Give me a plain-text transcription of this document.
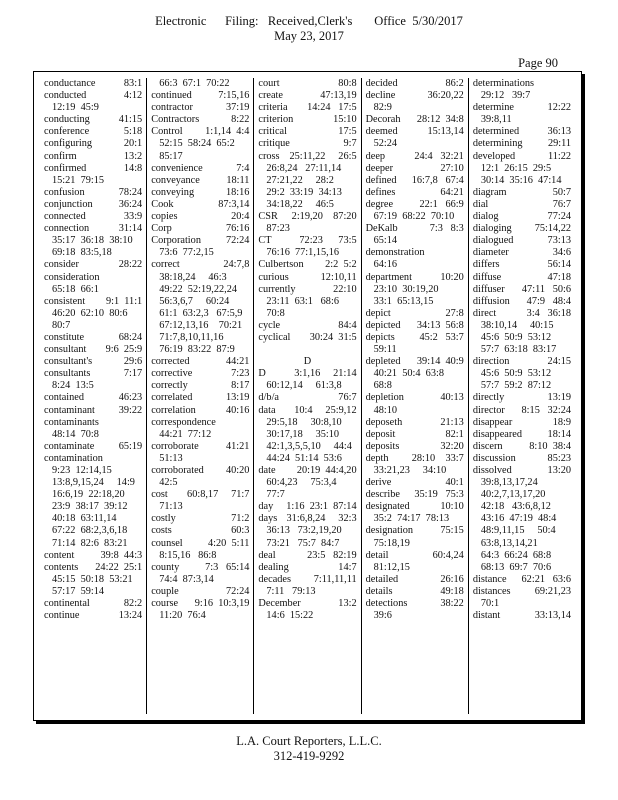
Electronic      Filing:   Received,Clerk's       Office  5/30/2017
May 23, 2017
Page 90
conductance	83:1
conducted	4:12
12:19  45:9
conducting	41:15
conference	5:18
configuring	20:1
confirm	13:2
confirmed	14:8
15:21  79:15
confusion	78:24
conjunction	36:24
connected	33:9
connection	31:14
35:17  36:18  38:10
69:18  83:5,18
consider	28:22
consideration
65:18  66:1
consistent 9:1  11:1
46:20  62:10  80:6
80:7
constitute	68:24
consultant 9:6  25:9
consultant's	29:6
consultants	7:17
8:24  13:5
contained	46:23
contaminant 39:22
contaminants
48:14  70:8
contaminate 65:19
contamination
9:23  12:14,15
13:8,9,15,24     14:9
16:6,19  22:18,20
23:9  38:17  39:12
40:18  63:11,14
67:22  68:2,3,6,18
71:14  82:6  83:21
content	39:8  44:3
contents 24:22  25:1
45:15  50:18  53:21
57:17  59:14
continental	82:2
continue	13:24
66:3  67:1  70:22
continued	7:15,16
contractor	37:19
Contractors	8:22
Control 1:1,14  4:4
52:15  58:24  65:2
85:17
convenience	7:4
conveyance	18:11
conveying	18:16
Cook	87:3,14
copies	20:4
Corp	76:16
Corporation 72:24
73:6  77:2,15
correct	24:7,8
38:18,24     46:3
49:22  52:19,22,24
56:3,6,7     60:24
61:1  63:2,3   67:5,9
67:12,13,16    70:21
71:7,8,10,11,16
76:19  83:22  87:9
corrected	44:21
corrective	7:23
correctly	8:17
correlated	13:19
correlation	40:16
correspondence
44:21  77:12
corroborate	41:21
51:13
corroborated 40:20
42:5
cost 60:8,17     71:7
71:13
costly	71:2
costs	60:3
counsel 4:20  5:11
8:15,16   86:8
county	7:3   65:14
74:4  87:3,14
couple	72:24
course 9:16  10:3,19
11:20  76:4
court	80:8
create	47:13,19
criteria 14:24   17:5
criterion	15:10
critical	17:5
critique	9:7
cross 25:11,22     26:5
26:8,24   27:11,14
27:21,22     28:2
29:2  33:19  34:13
34:18,22     46:5
CSR 2:19,20    87:20
87:23
CT	72:23      73:5
76:16  77:1,15,16
Culbertson 2:2  5:2
curious	12:10,11
currently	22:10
23:11  63:1   68:6
70:8
cycle	84:4
cyclical 30:24  31:5

D
D	3:1,16     21:14
60:12,14     61:3,8
d/b/a	76:7
data 10:4     25:9,12
29:5,18     30:8,10
30:17,18     35:10
42:1,3,5,5,10     44:4
44:24  51:14  53:6
date 20:19  44:4,20
60:4,23     75:3,4
77:7
day 1:16  23:1  87:14
days 31:6,8,24     32:3
36:13   73:2,19,20
73:21   75:7  84:7
deal	23:5   82:19
dealing	14:7
decades 7:11,11,11
7:11   79:13
December	13:2
14:6  15:22
decided	86:2
decline	36:20,22
82:9
Decorah 28:12  34:8
deemed	15:13,14
52:24
deep	24:4   32:21
deeper	27:10
defined 16:7,8   67:4
defines	64:21
degree	22:1   66:9
67:19  68:22  70:10
DeKalb	7:3   8:3
65:14
demonstration
64:16
department	10:20
23:10  30:19,20
33:1  65:13,15
depict	27:8
depicted 34:13  56:8
depicts 45:2   53:7
59:11
depleted 39:14  40:9
40:21  50:4  63:8
68:8
depletion	40:13
48:10
deposeth	21:13
deposit	82:1
deposits	32:20
depth 28:10    33:7
33:21,23     34:10
derive	40:1
describe 35:19   75:3
designated	10:10
35:2  74:17  78:13
designation	75:15
75:18,19
detail	60:4,24
81:12,15
detailed	26:16
details	49:18
detections	38:22
39:6
determinations
29:12   39:7
determine	12:22
39:8,11
determined	36:13
determining 29:11
developed	11:22
12:1  26:15  29:5
30:14  35:16  47:14
diagram	50:7
dial	76:7
dialog	77:24
dialoging 75:14,22
dialogued	73:13
diameter	34:6
differs	56:14
diffuse	47:18
diffuser 47:11   50:6
diffusion 47:9   48:4
direct	3:4   36:18
38:10,14     40:15
45:6  50:9  53:12
57:7  63:18  83:17
direction	24:15
45:6  50:9  53:12
57:7  59:2  87:12
directly	13:19
director 8:15   32:24
disappear	18:9
disappeared 18:14
discern	8:10  38:4
discussion	85:23
dissolved	13:20
39:8,13,17,24
40:2,7,13,17,20
42:18   43:6,8,12
43:16  47:19  48:4
48:9,11,15     50:4
63:8,13,14,21
64:3  66:24  68:8
68:13  69:7  70:6
distance 62:21   63:6
distances 69:21,23
70:1
distant	33:13,14
L.A. Court Reporters, L.L.C.
312-419-9292
